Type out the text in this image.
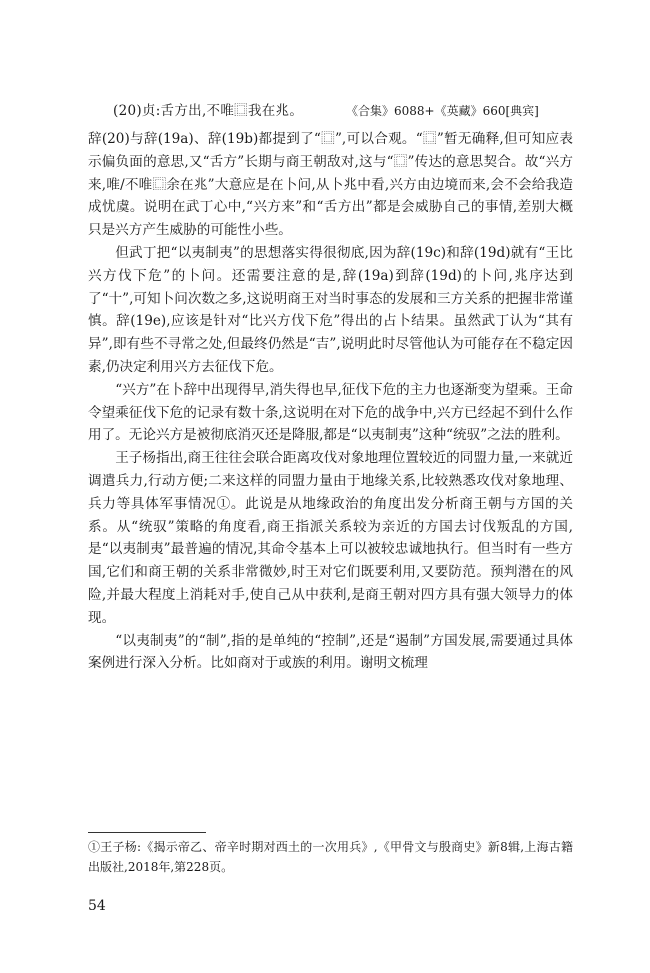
(20)贞:舌方出,不唯⿴我在兆。	《合集》6088+《英藏》660[典宾]

辞(20)与辞(19a)、辞(19b)都提到了“⿴”,可以合观。“⿴”暂无确释,但可知应表示偏负面的意思,又“舌方”长期与商王朝敌对,这与“⿴”传达的意思契合。故“兴方来,唯/不唯⿴余在兆”大意应是在卜问,从卜兆中看,兴方由边境而来,会不会给我造成忧虞。说明在武丁心中,“兴方来”和“舌方出”都是会威胁自己的事情,差别大概只是兴方产生威胁的可能性小些。

但武丁把“以夷制夷”的思想落实得很彻底,因为辞(19c)和辞(19d)就有“王比兴方伐下危”的卜问。还需要注意的是,辞(19a)到辞(19d)的卜问,兆序达到了“十”,可知卜问次数之多,这说明商王对当时事态的发展和三方关系的把握非常谨慎。辞(19e),应该是针对“比兴方伐下危”得出的占卜结果。虽然武丁认为“其有异”,即有些不寻常之处,但最终仍然是“吉”,说明此时尽管他认为可能存在不稳定因素,仍决定利用兴方去征伐下危。

“兴方”在卜辞中出现得早,消失得也早,征伐下危的主力也逐渐变为望乘。王命令望乘征伐下危的记录有数十条,这说明在对下危的战争中,兴方已经起不到什么作用了。无论兴方是被彻底消灭还是降服,都是“以夷制夷”这种“统驭”之法的胜利。

王子杨指出,商王往往会联合距离攻伐对象地理位置较近的同盟力量,一来就近调遣兵力,行动方便;二来这样的同盟力量由于地缘关系,比较熟悉攻伐对象地理、兵力等具体军事情况①。此说是从地缘政治的角度出发分析商王朝与方国的关系。从“统驭”策略的角度看,商王指派关系较为亲近的方国去讨伐叛乱的方国,是“以夷制夷”最普遍的情况,其命令基本上可以被较忠诚地执行。但当时有一些方国,它们和商王朝的关系非常微妙,时王对它们既要利用,又要防范。预判潜在的风险,并最大程度上消耗对手,使自己从中获利,是商王朝对四方具有强大领导力的体现。

“以夷制夷”的“制”,指的是单纯的“控制”,还是“遏制”方国发展,需要通过具体案例进行深入分析。比如商对于或族的利用。谢明文梳理

①王子杨:《揭示帝乙、帝辛时期对西土的一次用兵》,《甲骨文与殷商史》新8辑,上海古籍出版社,2018年,第228页。
54
